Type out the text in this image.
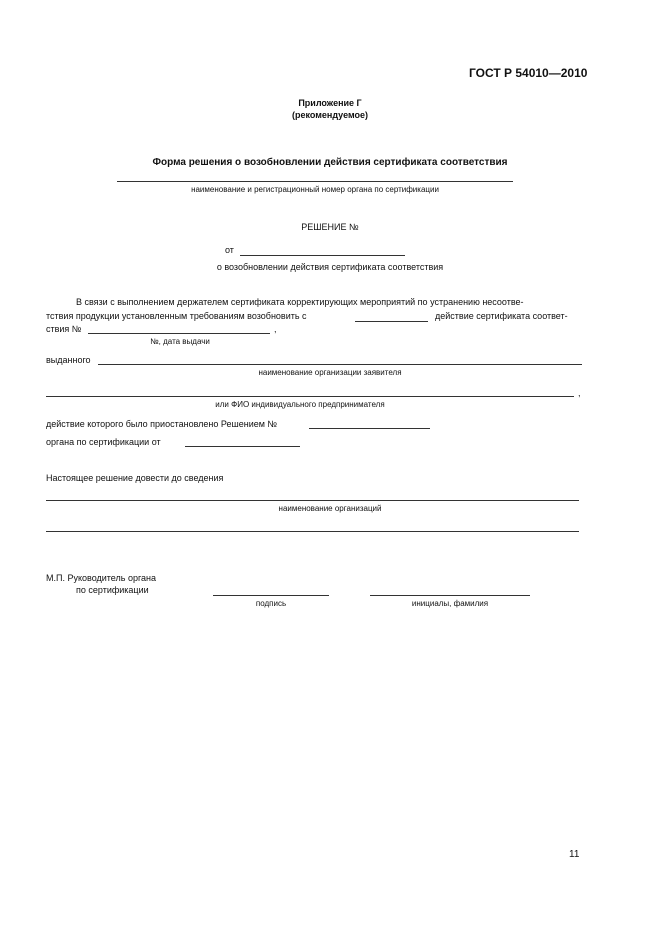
ГОСТ Р 54010—2010
Приложение Г
(рекомендуемое)
Форма решения о возобновлении действия сертификата соответствия
наименование и регистрационный номер органа по сертификации
РЕШЕНИЕ №
от
о возобновлении действия сертификата соответствия
В связи с выполнением держателем сертификата корректирующих мероприятий по устранению несоотве-
тствия продукции установленным требованиям возобновить с	действие сертификата соответ-
ствия №	,
№, дата выдачи
выданного
наименование организации заявителя
,
или ФИО индивидуального предпринимателя
действие которого было приостановлено Решением №
органа по сертификации от
Настоящее решение довести до сведения
наименование организаций
М.П. Руководитель органа
по сертификации
подпись	инициалы, фамилия
11
